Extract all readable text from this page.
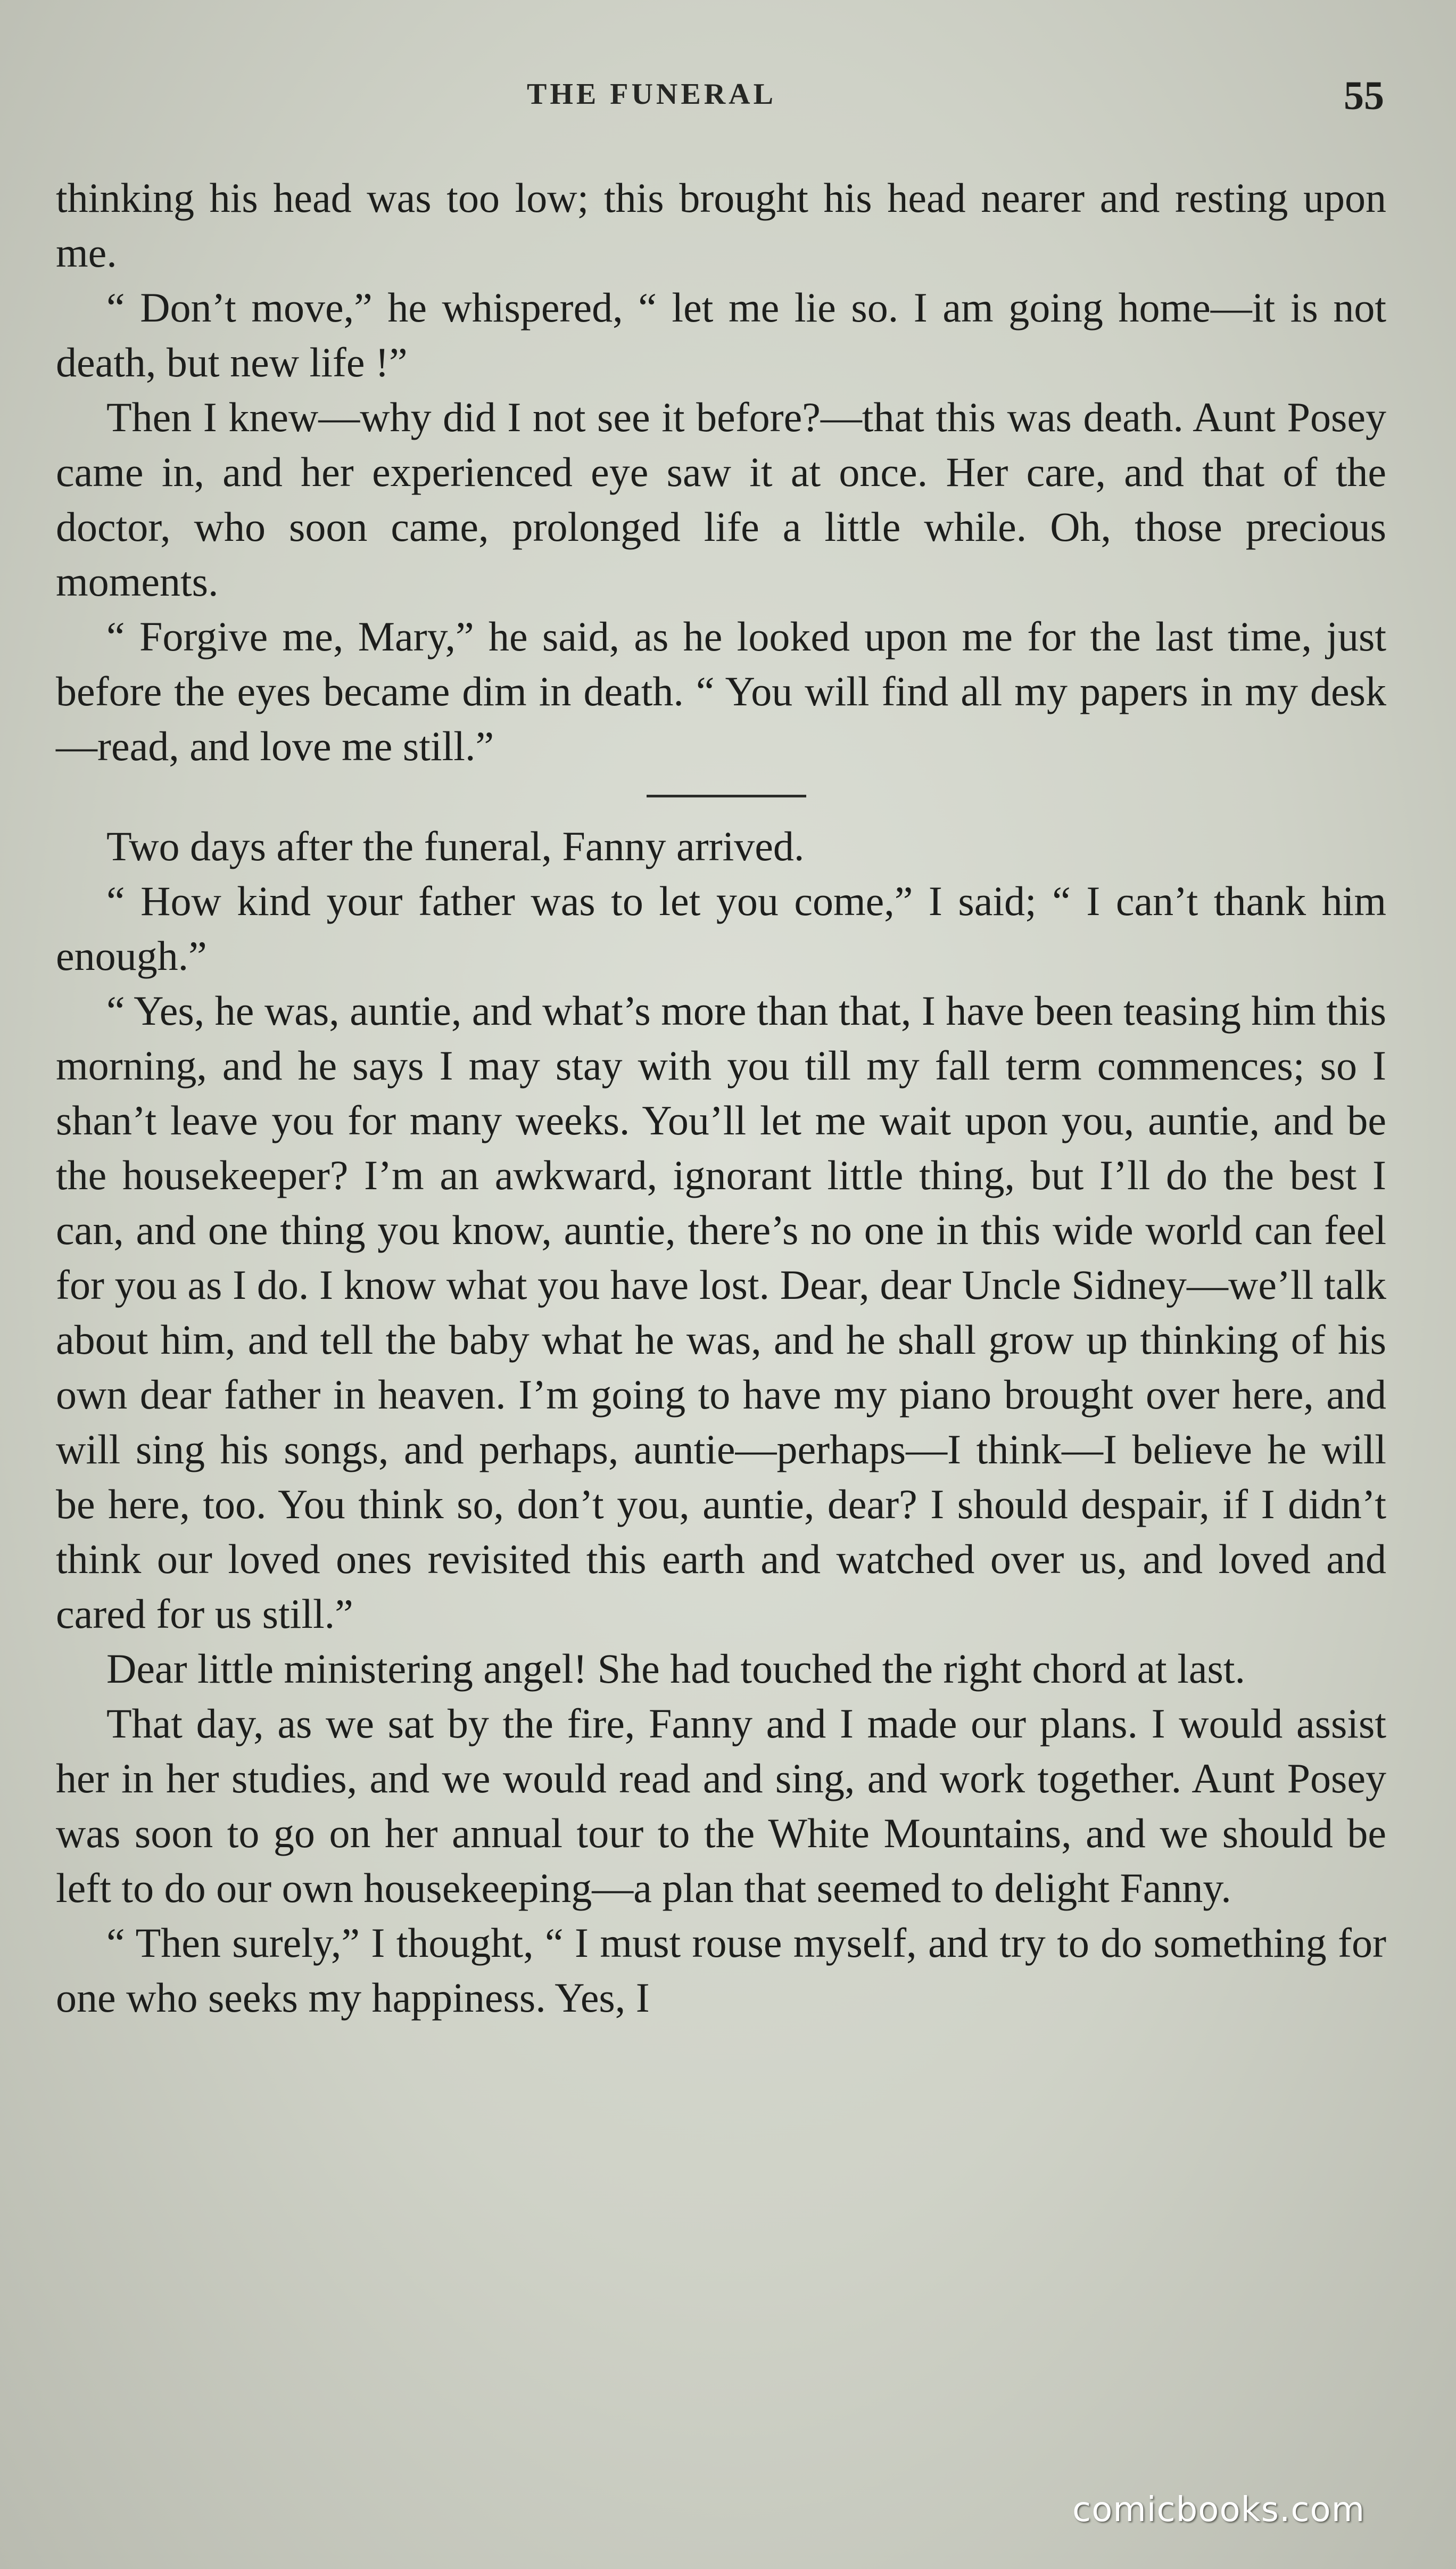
THE FUNERAL	55

thinking his head was too low; this brought his head nearer and resting upon me.

“ Don’t move,” he whispered, “ let me lie so. I am going home—it is not death, but new life !”

Then I knew—why did I not see it before?—that this was death. Aunt Posey came in, and her experienced eye saw it at once. Her care, and that of the doctor, who soon came, prolonged life a little while. Oh, those precious moments.

“ Forgive me, Mary,” he said, as he looked upon me for the last time, just before the eyes became dim in death. “ You will find all my papers in my desk—read, and love me still.”

Two days after the funeral, Fanny arrived.

“ How kind your father was to let you come,” I said; “ I can’t thank him enough.”

“ Yes, he was, auntie, and what’s more than that, I have been teasing him this morning, and he says I may stay with you till my fall term commences; so I shan’t leave you for many weeks. You’ll let me wait upon you, auntie, and be the housekeeper? I’m an awkward, ignorant little thing, but I’ll do the best I can, and one thing you know, auntie, there’s no one in this wide world can feel for you as I do. I know what you have lost. Dear, dear Uncle Sidney—we’ll talk about him, and tell the baby what he was, and he shall grow up thinking of his own dear father in heaven. I’m going to have my piano brought over here, and will sing his songs, and perhaps, auntie—perhaps—I think—I believe he will be here, too. You think so, don’t you, auntie, dear? I should despair, if I didn’t think our loved ones revisited this earth and watched over us, and loved and cared for us still.”

Dear little ministering angel! She had touched the right chord at last.

That day, as we sat by the fire, Fanny and I made our plans. I would assist her in her studies, and we would read and sing, and work together. Aunt Posey was soon to go on her annual tour to the White Mountains, and we should be left to do our own housekeeping—a plan that seemed to delight Fanny.

“ Then surely,” I thought, “ I must rouse myself, and try to do something for one who seeks my happiness. Yes, I

comicbooks.com
